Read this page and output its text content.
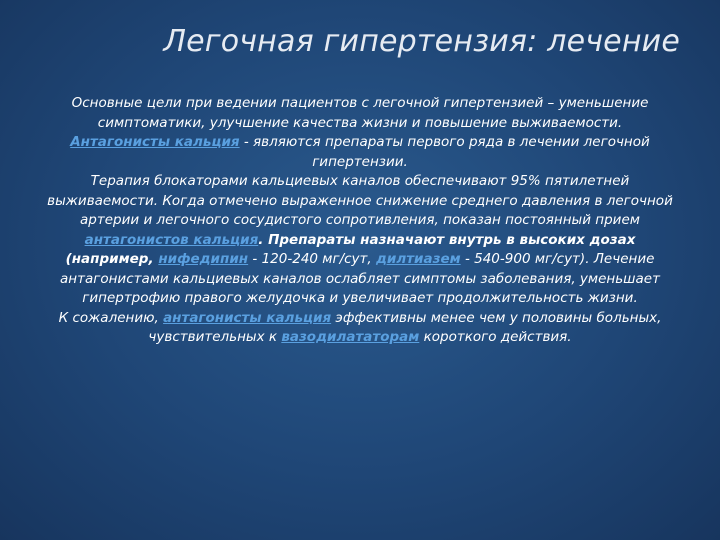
Легочная гипертензия: лечение

Основные цели при ведении пациентов с легочной гипертензией – уменьшение симптоматики, улучшение качества жизни и повышение выживаемости.

Антагонисты кальция - являются препараты первого ряда в лечении легочной гипертензии.

Терапия блокаторами кальциевых каналов обеспечивают 95% пятилетней выживаемости. Когда отмечено выраженное снижение среднего давления в легочной артерии и легочного сосудистого сопротивления, показан постоянный прием антагонистов кальция. Препараты назначают внутрь в высоких дозах (например, нифедипин - 120-240 мг/сут, дилтиазем - 540-900 мг/сут). Лечение антагонистами кальциевых каналов ослабляет симптомы заболевания, уменьшает гипертрофию правого желудочка и увеличивает продолжительность жизни.

К сожалению, антагонисты кальция эффективны менее чем у половины больных, чувствительных к вазодилататорам короткого действия.
